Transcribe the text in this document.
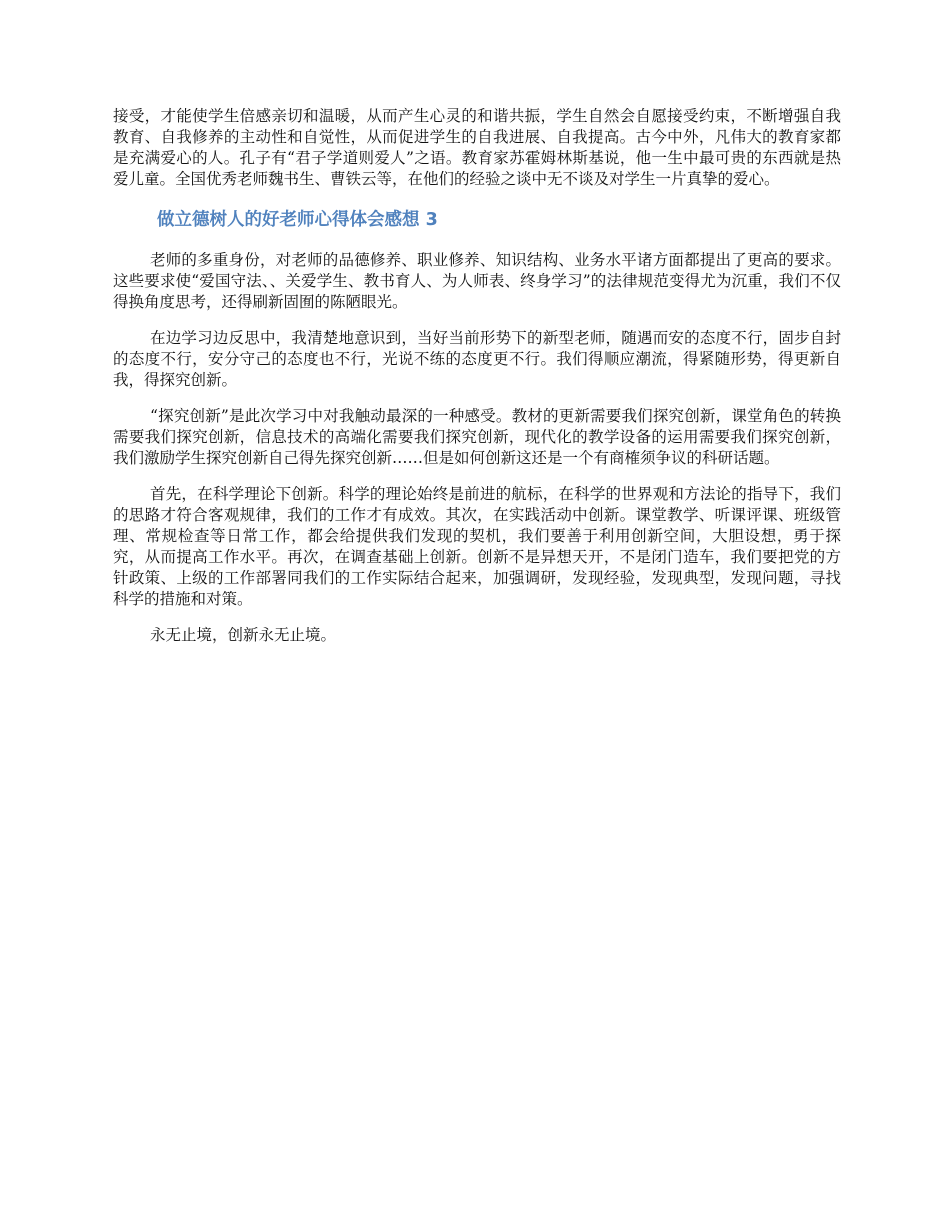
接受，才能使学生倍感亲切和温暖，从而产生心灵的和谐共振，学生自然会自愿接受约束，不断增强自我教育、自我修养的主动性和自觉性，从而促进学生的自我进展、自我提高。古今中外，凡伟大的教育家都是充满爱心的人。孔子有“君子学道则爱人”之语。教育家苏霍姆林斯基说，他一生中最可贵的东西就是热爱儿童。全国优秀老师魏书生、曹铁云等，在他们的经验之谈中无不谈及对学生一片真挚的爱心。

做立德树人的好老师心得体会感想 3

老师的多重身份，对老师的品德修养、职业修养、知识结构、业务水平诸方面都提出了更高的要求。这些要求使“爱国守法、、关爱学生、教书育人、为人师表、终身学习”的法律规范变得尤为沉重，我们不仅得换角度思考，还得刷新固囿的陈陋眼光。

在边学习边反思中，我清楚地意识到，当好当前形势下的新型老师，随遇而安的态度不行，固步自封的态度不行，安分守己的态度也不行，光说不练的态度更不行。我们得顺应潮流，得紧随形势，得更新自我，得探究创新。

“探究创新”是此次学习中对我触动最深的一种感受。教材的更新需要我们探究创新，课堂角色的转换需要我们探究创新，信息技术的高端化需要我们探究创新，现代化的教学设备的运用需要我们探究创新，我们激励学生探究创新自己得先探究创新……但是如何创新这还是一个有商榷须争议的科研话题。

首先，在科学理论下创新。科学的理论始终是前进的航标，在科学的世界观和方法论的指导下，我们的思路才符合客观规律，我们的工作才有成效。其次，在实践活动中创新。课堂教学、听课评课、班级管理、常规检查等日常工作，都会给提供我们发现的契机，我们要善于利用创新空间，大胆设想，勇于探究，从而提高工作水平。再次，在调查基础上创新。创新不是异想天开，不是闭门造车，我们要把党的方针政策、上级的工作部署同我们的工作实际结合起来，加强调研，发现经验，发现典型，发现问题，寻找科学的措施和对策。

永无止境，创新永无止境。
